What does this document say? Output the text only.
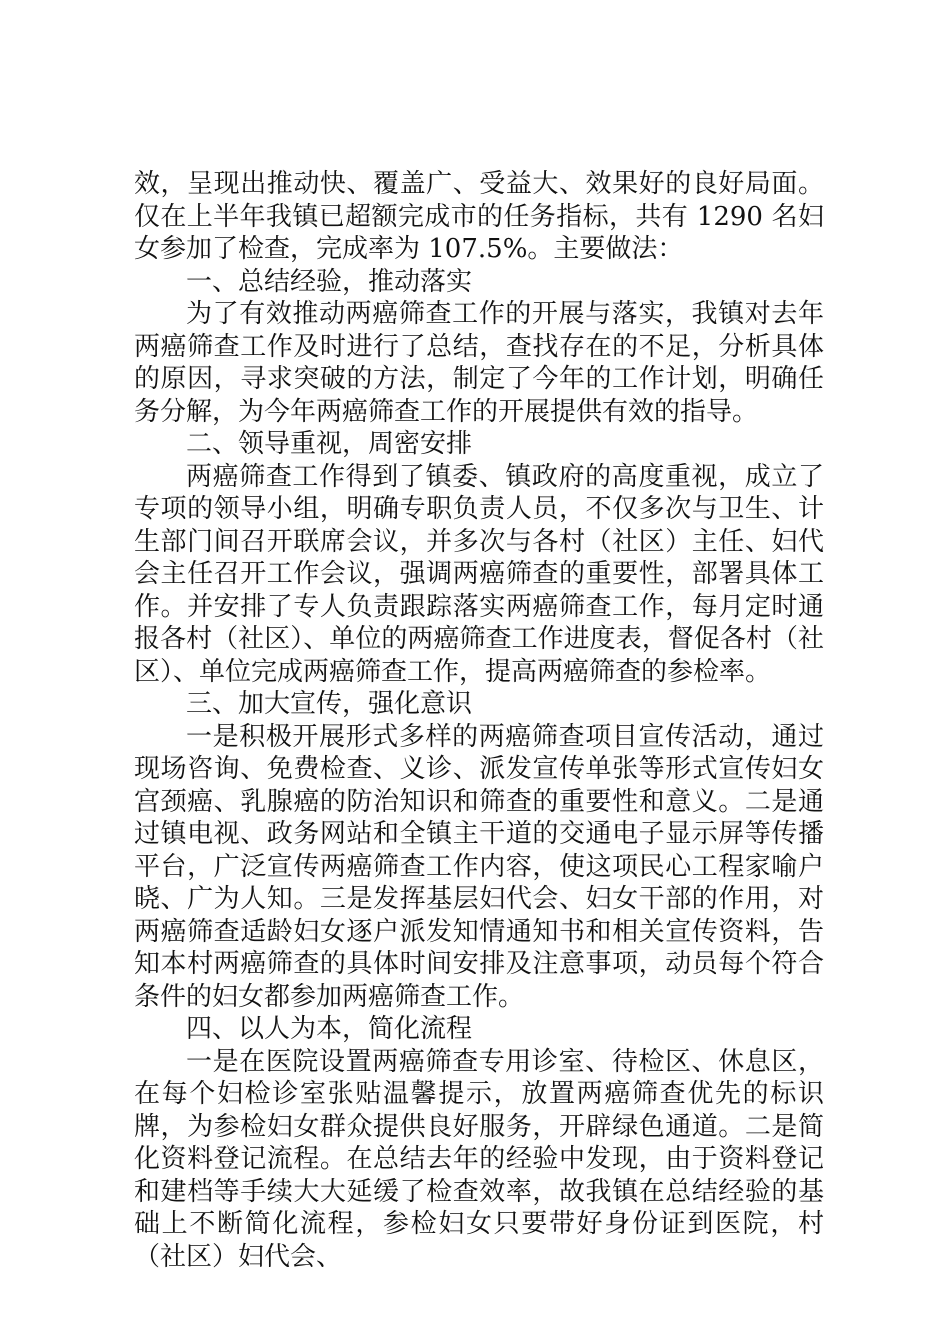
效，呈现出推动快、覆盖广、受益大、效果好的良好局面。仅在上半年我镇已超额完成市的任务指标，共有 1290 名妇女参加了检查，完成率为 107.5%。主要做法：

一、总结经验，推动落实

为了有效推动两癌筛查工作的开展与落实，我镇对去年两癌筛查工作及时进行了总结，查找存在的不足，分析具体的原因，寻求突破的方法，制定了今年的工作计划，明确任务分解，为今年两癌筛查工作的开展提供有效的指导。

二、领导重视，周密安排

两癌筛查工作得到了镇委、镇政府的高度重视，成立了专项的领导小组，明确专职负责人员，不仅多次与卫生、计生部门间召开联席会议，并多次与各村（社区）主任、妇代会主任召开工作会议，强调两癌筛查的重要性，部署具体工作。并安排了专人负责跟踪落实两癌筛查工作，每月定时通报各村（社区）、单位的两癌筛查工作进度表，督促各村（社区）、单位完成两癌筛查工作，提高两癌筛查的参检率。

三、加大宣传，强化意识

一是积极开展形式多样的两癌筛查项目宣传活动，通过现场咨询、免费检查、义诊、派发宣传单张等形式宣传妇女宫颈癌、乳腺癌的防治知识和筛查的重要性和意义。二是通过镇电视、政务网站和全镇主干道的交通电子显示屏等传播平台，广泛宣传两癌筛查工作内容，使这项民心工程家喻户晓、广为人知。三是发挥基层妇代会、妇女干部的作用，对两癌筛查适龄妇女逐户派发知情通知书和相关宣传资料，告知本村两癌筛查的具体时间安排及注意事项，动员每个符合条件的妇女都参加两癌筛查工作。

四、以人为本，简化流程

一是在医院设置两癌筛查专用诊室、待检区、休息区，在每个妇检诊室张贴温馨提示，放置两癌筛查优先的标识牌，为参检妇女群众提供良好服务，开辟绿色通道。二是简化资料登记流程。在总结去年的经验中发现，由于资料登记和建档等手续大大延缓了检查效率，故我镇在总结经验的基础上不断简化流程，参检妇女只要带好身份证到医院，村（社区）妇代会、
